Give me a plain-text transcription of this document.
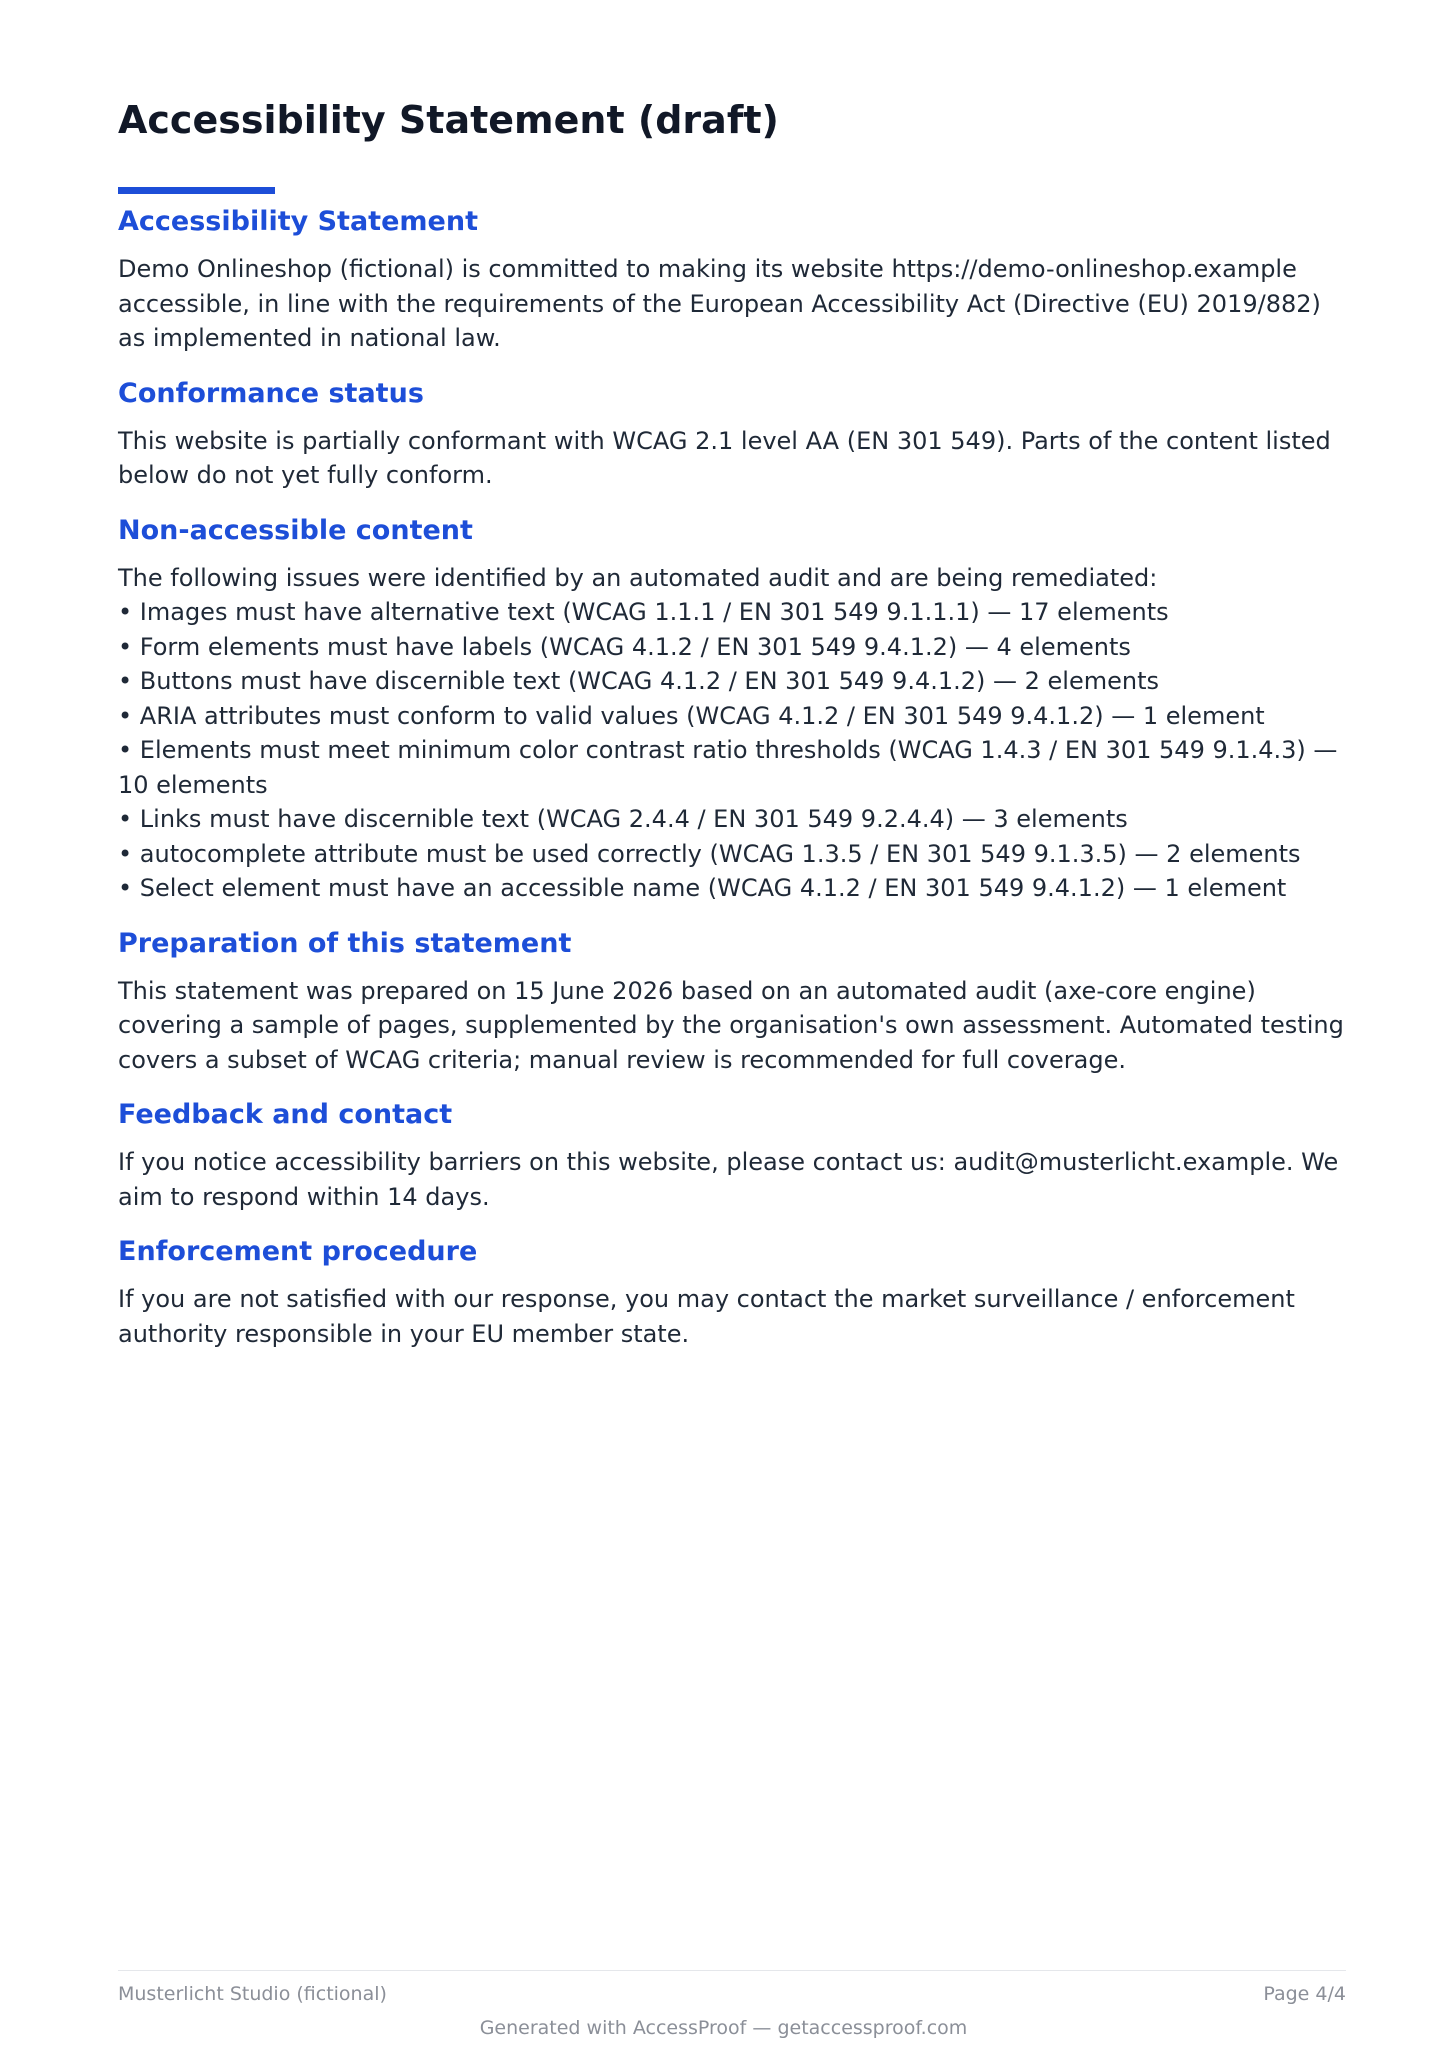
Accessibility Statement (draft)
Accessibility Statement

Demo Onlineshop (fictional) is committed to making its website https://demo-onlineshop.example accessible, in line with the requirements of the European Accessibility Act (Directive (EU) 2019/882) as implemented in national law.

Conformance status

This website is partially conformant with WCAG 2.1 level AA (EN 301 549). Parts of the content listed below do not yet fully conform.

Non-accessible content
The following issues were identified by an automated audit and are being remediated:
• Images must have alternative text (WCAG 1.1.1 / EN 301 549 9.1.1.1) — 17 elements
• Form elements must have labels (WCAG 4.1.2 / EN 301 549 9.4.1.2) — 4 elements
• Buttons must have discernible text (WCAG 4.1.2 / EN 301 549 9.4.1.2) — 2 elements
• ARIA attributes must conform to valid values (WCAG 4.1.2 / EN 301 549 9.4.1.2) — 1 element
• Elements must meet minimum color contrast ratio thresholds (WCAG 1.4.3 / EN 301 549 9.1.4.3) — 10 elements
• Links must have discernible text (WCAG 2.4.4 / EN 301 549 9.2.4.4) — 3 elements
• autocomplete attribute must be used correctly (WCAG 1.3.5 / EN 301 549 9.1.3.5) — 2 elements
• Select element must have an accessible name (WCAG 4.1.2 / EN 301 549 9.4.1.2) — 1 element
Preparation of this statement

This statement was prepared on 15 June 2026 based on an automated audit (axe-core engine) covering a sample of pages, supplemented by the organisation's own assessment. Automated testing covers a subset of WCAG criteria; manual review is recommended for full coverage.

Feedback and contact

If you notice accessibility barriers on this website, please contact us: audit@musterlicht.example. We aim to respond within 14 days.

Enforcement procedure

If you are not satisfied with our response, you may contact the market surveillance / enforcement authority responsible in your EU member state.

Musterlicht Studio (fictional)	Page 4/4
Generated with AccessProof — getaccessproof.com
